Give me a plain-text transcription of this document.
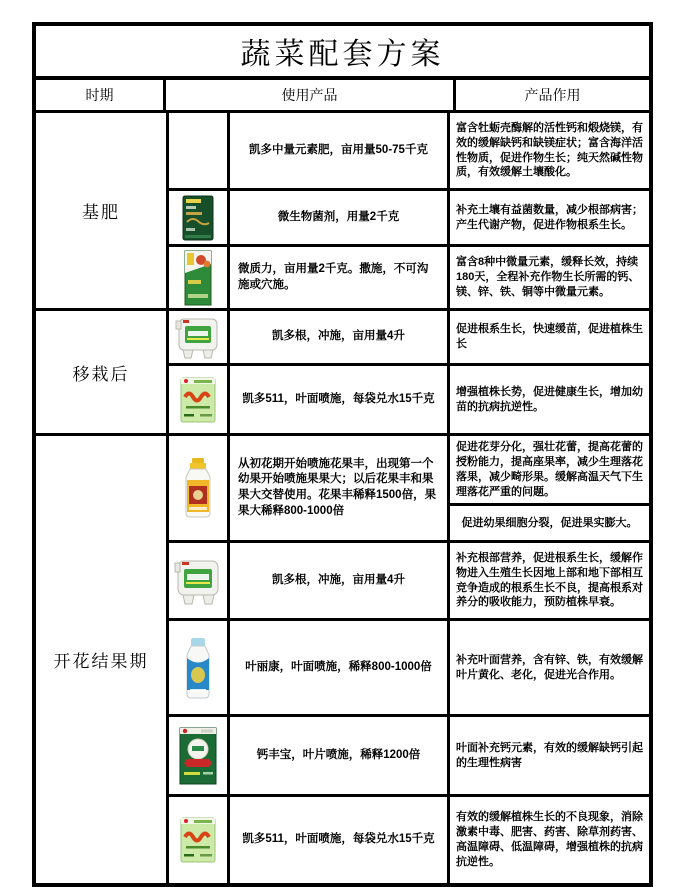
蔬菜配套方案
时期	使用产品	产品作用
基肥
凯多中量元素肥，亩用量50-75千克
富含牡蛎壳酶解的活性钙和煅烧镁，有效的缓解缺钙和缺镁症状；富含海洋活性物质，促进作物生长；纯天然碱性物质，有效缓解土壤酸化。
微生物菌剂，用量2千克
补充土壤有益菌数量，减少根部病害；产生代谢产物，促进作物根系生长。
微质力，亩用量2千克。撒施，不可沟施或穴施。
富含8种中微量元素，缓释长效，持续180天，全程补充作物生长所需的钙、镁、锌、铁、铜等中微量元素。
移栽后
凯多根，冲施，亩用量4升
促进根系生长，快速缓苗，促进植株生长
凯多511，叶面喷施，每袋兑水15千克
增强植株长势，促进健康生长，增加幼苗的抗病抗逆性。
开花结果期
从初花期开始喷施花果丰，出现第一个幼果开始喷施果果大；以后花果丰和果果大交替使用。花果丰稀释1500倍，果果大稀释800-1000倍
促进花芽分化，强壮花蕾，提高花蕾的授粉能力，提高座果率，减少生理落花落果，减少畸形果。缓解高温天气下生理落花严重的问题。
促进幼果细胞分裂，促进果实膨大。
凯多根，冲施，亩用量4升
补充根部营养，促进根系生长，缓解作物进入生殖生长因地上部和地下部相互竞争造成的根系生长不良，提高根系对养分的吸收能力，预防植株早衰。
叶丽康，叶面喷施，稀释800-1000倍
补充叶面营养，含有锌、铁，有效缓解叶片黄化、老化，促进光合作用。
钙丰宝，叶片喷施，稀释1200倍
叶面补充钙元素，有效的缓解缺钙引起的生理性病害
凯多511，叶面喷施，每袋兑水15千克
有效的缓解植株生长的不良现象，消除激素中毒、肥害、药害、除草剂药害、高温障碍、低温障碍，增强植株的抗病抗逆性。
